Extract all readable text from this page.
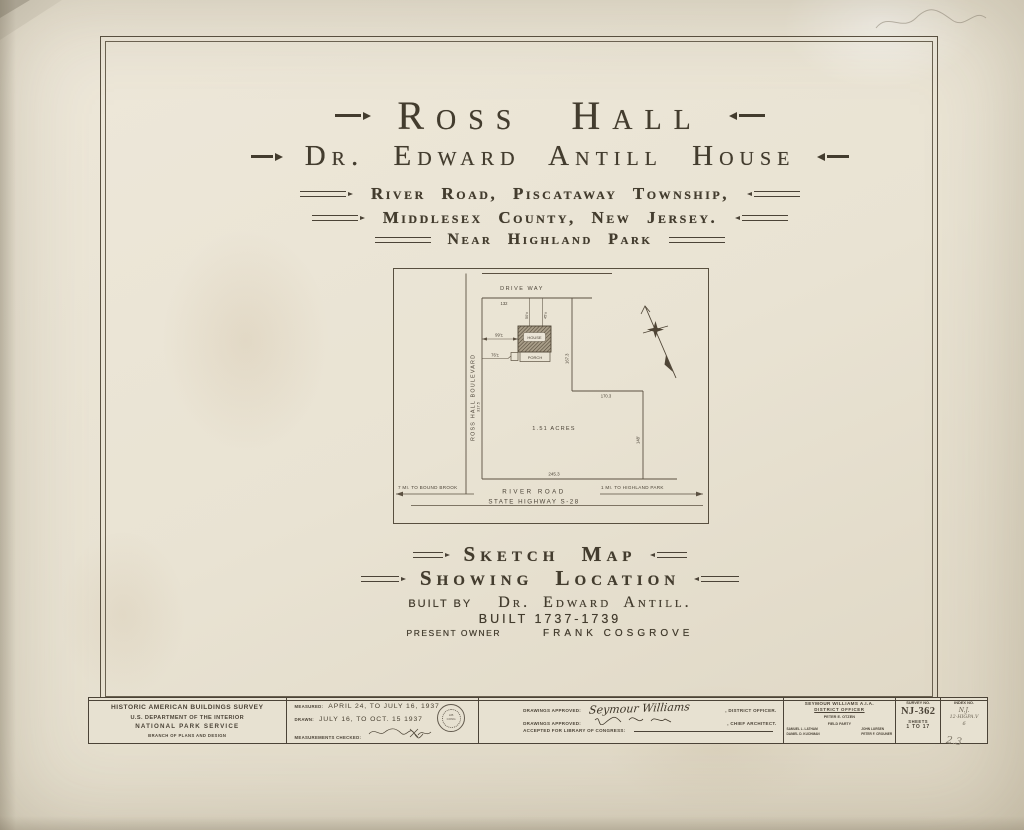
Ross Hall
Dr. Edward Antill House
River Road, Piscataway Township,
Middlesex County, New Jersey.
Near Highland Park
HOUSE
PORCH
DRIVE WAY
ROSS HALL BOULEVARD	1.51 ACRES
7 MI. TO BOUND BROOK	1 MI. TO HIGHLAND PARK
RIVER ROAD
STATE HIGHWAY S-28
132
50'±	45'±
99'±
76'±
317.5
167.3
170.3
148'
245.3
Sketch Map
Showing Location
BUILT BY Dr. Edward Antill.
BUILT 1737-1739
PRESENT OWNER	FRANK COSGROVE
HISTORIC AMERICAN BUILDINGS SURVEY
U.S. DEPARTMENT OF THE INTERIOR
NATIONAL PARK SERVICE
BRANCH OF PLANS AND DESIGN
MEASURED: APRIL 24, TO JULY 16, 1937
DRAWN: JULY 16, TO OCT. 15 1937
MEASUREMENTS CHECKED:
LIB
CONG
DRAWINGS APPROVED: Seymour Williams	, DISTRICT OFFICER.
DRAWINGS APPROVED:	, CHIEF ARCHITECT.
ACCEPTED FOR LIBRARY OF CONGRESS:
SEYMOUR WILLIAMS A.I.A.
DISTRICT OFFICER
PETER E. OTZEN
FIELD PARTY
SAMUEL L. LATHAM
DANIEL D. KUCHMAN
JOHN LURSEN
PETER F. CROUNER
SURVEY NO.
NJ-362
SHEETS
1 TO 17
INDEX NO.
N.J.
12-HIGPA.V
6
2.3
